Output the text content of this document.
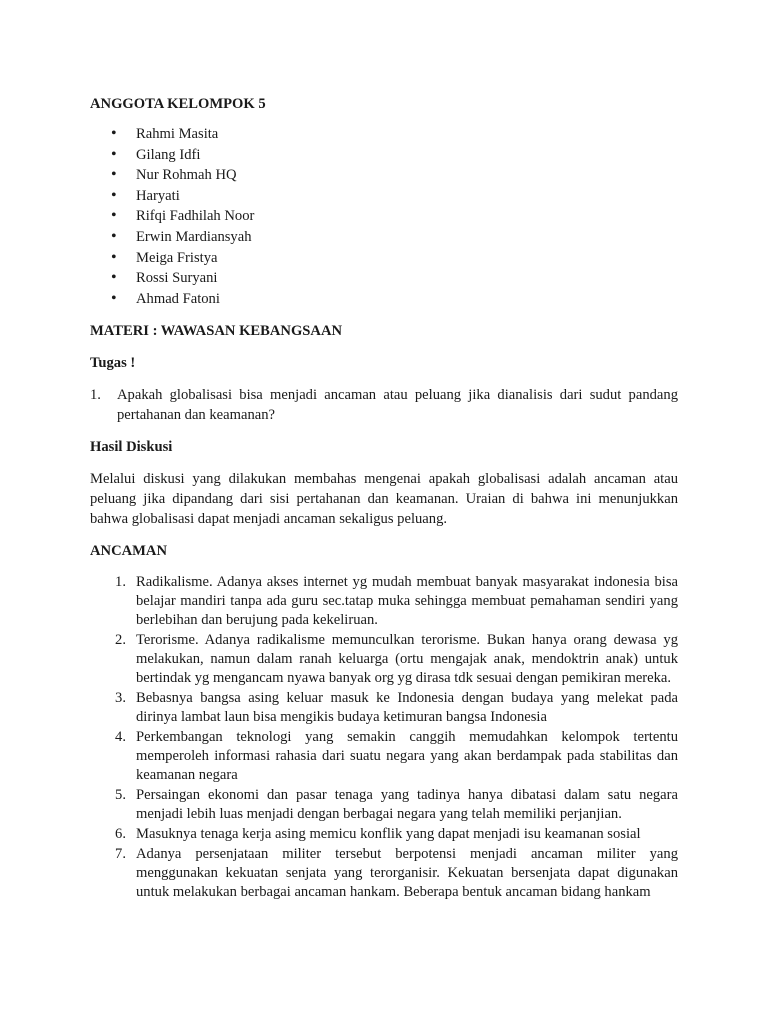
ANGGOTA KELOMPOK 5
• Rahmi Masita
• Gilang Idfi
• Nur Rohmah HQ
• Haryati
• Rifqi Fadhilah Noor
• Erwin Mardiansyah
• Meiga Fristya
• Rossi Suryani
• Ahmad Fatoni
MATERI : WAWASAN KEBANGSAAN
Tugas !
1.	Apakah globalisasi bisa menjadi ancaman atau peluang jika dianalisis dari sudut pandang pertahanan dan keamanan?
Hasil Diskusi

Melalui diskusi yang dilakukan membahas mengenai apakah globalisasi adalah ancaman atau peluang jika dipandang dari sisi pertahanan dan keamanan. Uraian di bahwa ini menunjukkan bahwa globalisasi dapat menjadi ancaman sekaligus peluang.

ANCAMAN
1. Radikalisme. Adanya akses internet yg mudah membuat banyak masyarakat indonesia bisa belajar mandiri tanpa ada guru sec.tatap muka sehingga membuat pemahaman sendiri yang berlebihan dan berujung pada kekeliruan.
2. Terorisme. Adanya radikalisme memunculkan terorisme. Bukan hanya orang dewasa yg melakukan, namun dalam ranah keluarga (ortu mengajak anak, mendoktrin anak) untuk bertindak yg mengancam nyawa banyak org yg dirasa tdk sesuai dengan pemikiran mereka.
3. Bebasnya bangsa asing keluar masuk ke Indonesia dengan budaya yang melekat pada dirinya lambat laun bisa mengikis budaya ketimuran bangsa Indonesia
4. Perkembangan teknologi yang semakin canggih memudahkan kelompok tertentu memperoleh informasi rahasia dari suatu negara yang akan berdampak pada stabilitas dan keamanan negara
5. Persaingan ekonomi dan pasar tenaga yang tadinya hanya dibatasi dalam satu negara menjadi lebih luas menjadi dengan berbagai negara yang telah memiliki perjanjian.
6. Masuknya tenaga kerja asing memicu konflik yang dapat menjadi isu keamanan sosial
7. Adanya persenjataan militer tersebut berpotensi menjadi ancaman militer yang menggunakan kekuatan senjata yang terorganisir. Kekuatan bersenjata dapat digunakan untuk melakukan berbagai ancaman hankam. Beberapa bentuk ancaman bidang hankam
